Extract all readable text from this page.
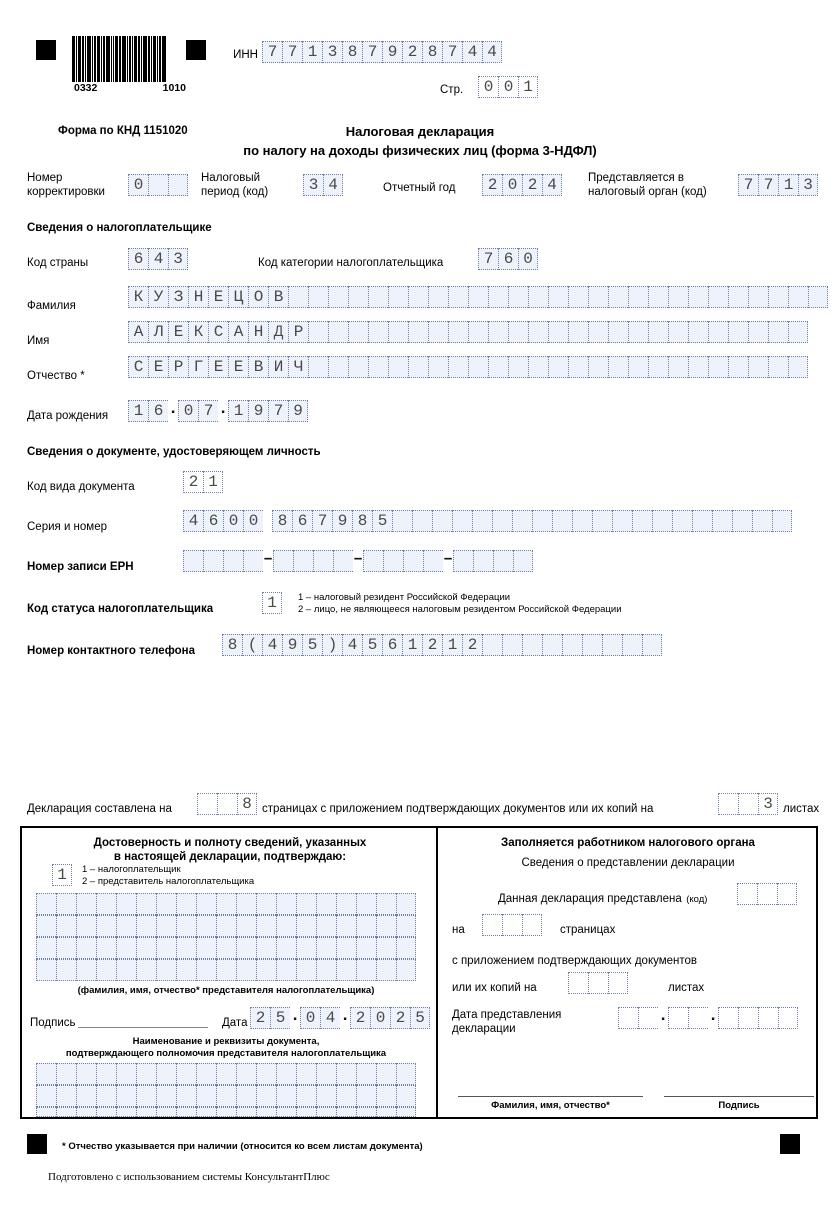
0332	1010
ИНН 7 7 1 3 8 7 9 2 8 7 4 4
Стр.	0 0 1
Форма по КНД 1151020	Налоговая декларация
по налогу на доходы физических лиц (форма 3-НДФЛ)
Номер
корректировки	0	Налоговый
период (код)	3 4	Отчетный год	2 0 2 4	Представляется в
налоговый орган (код)	7 7 1 3
Сведения о налогоплательщике
Код страны	6 4 3	Код категории налогоплательщика	7 6 0
Фамилия	К У З Н Е Ц О В
Имя	А Л Е К С А Н Д Р
Отчество *	С Е Р Г Е Е В И Ч
Дата рождения	1 6 . 0 7 . 1 9 7 9
Сведения о документе, удостоверяющем личность
Код вида документа	2 1
Серия и номер	4 6 0 0	8 6 7 9 8 5
Номер записи ЕРН	–	–	–
Код статуса налогоплательщика	1	1 – налоговый резидент Российской Федерации
2 – лицо, не являющееся налоговым резидентом Российской Федерации
Номер контактного телефона	8 ( 4 9 5 ) 4 5 6 1 2 1 2
Декларация составлена на	8 страницах с приложением подтверждающих документов или их копий на	3 листах
Достоверность и полноту сведений, указанных
в настоящей декларации, подтверждаю:
1	1 – налогоплательщик
2 – представитель налогоплательщика
(фамилия, имя, отчество* представителя налогоплательщика)
Подпись	Дата 2 5 . 0 4 . 2 0 2 5
Наименование и реквизиты документа,
подтверждающего полномочия представителя налогоплательщика
Заполняется работником налогового органа
Сведения о представлении декларации
Данная декларация представлена (код)
на	страницах
с приложением подтверждающих документов
или их копий на	листах
Дата представления
декларации
. .
Фамилия, имя, отчество*	Подпись
* Отчество указывается при наличии (относится ко всем листам документа)
Подготовлено с использованием системы КонсультантПлюс
